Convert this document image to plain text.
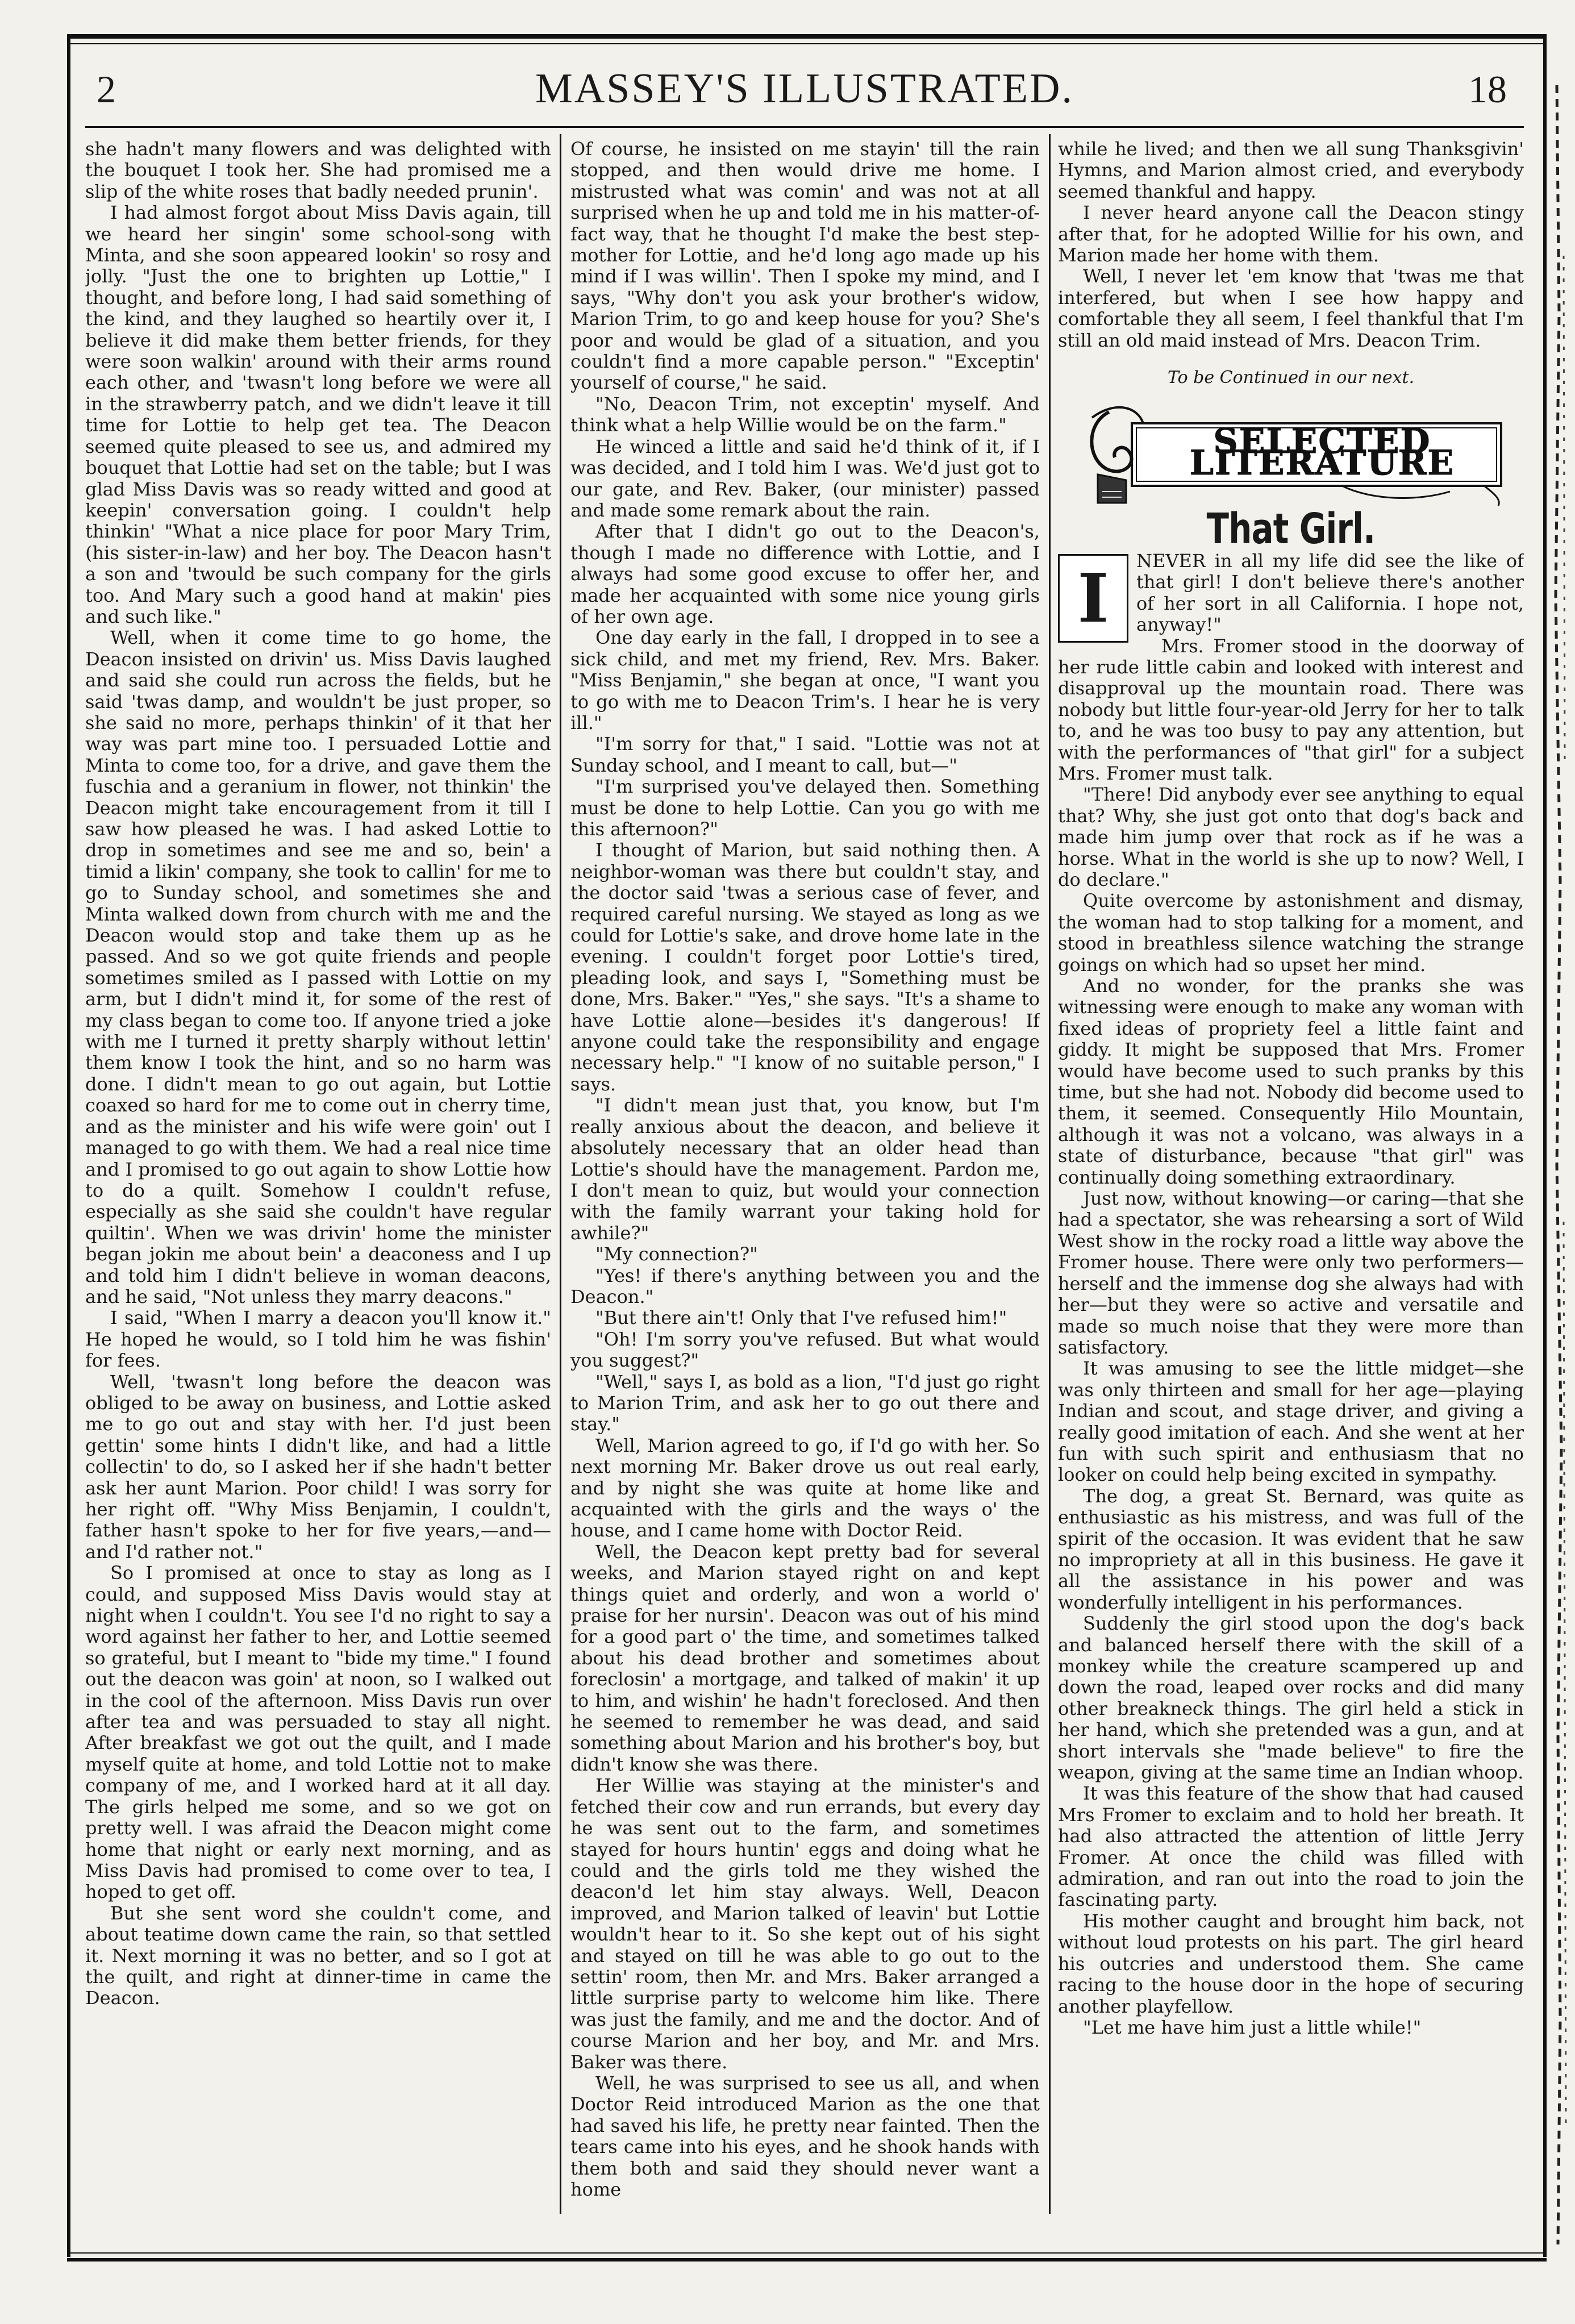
2	MASSEY'S ILLUSTRATED.	18

she hadn't many flowers and was delighted with the bouquet I took her. She had promised me a slip of the white roses that badly needed prunin'.

I had almost forgot about Miss Davis again, till we heard her singin' some school-song with Minta, and she soon appeared lookin' so rosy and jolly. "Just the one to brighten up Lottie," I thought, and before long, I had said something of the kind, and they laughed so heartily over it, I believe it did make them better friends, for they were soon walkin' around with their arms round each other, and 'twasn't long before we were all in the strawberry patch, and we didn't leave it till time for Lottie to help get tea. The Deacon seemed quite pleased to see us, and admired my bouquet that Lottie had set on the table; but I was glad Miss Davis was so ready witted and good at keepin' conversation going. I couldn't help thinkin' "What a nice place for poor Mary Trim, (his sister-in-law) and her boy. The Deacon hasn't a son and 'twould be such company for the girls too. And Mary such a good hand at makin' pies and such like."

Well, when it come time to go home, the Deacon insisted on drivin' us. Miss Davis laughed and said she could run across the fields, but he said 'twas damp, and wouldn't be just proper, so she said no more, perhaps thinkin' of it that her way was part mine too. I persuaded Lottie and Minta to come too, for a drive, and gave them the fuschia and a geranium in flower, not thinkin' the Deacon might take encouragement from it till I saw how pleased he was. I had asked Lottie to drop in sometimes and see me and so, bein' a timid a likin' company, she took to callin' for me to go to Sunday school, and sometimes she and Minta walked down from church with me and the Deacon would stop and take them up as he passed. And so we got quite friends and people sometimes smiled as I passed with Lottie on my arm, but I didn't mind it, for some of the rest of my class began to come too. If anyone tried a joke with me I turned it pretty sharply without lettin' them know I took the hint, and so no harm was done. I didn't mean to go out again, but Lottie coaxed so hard for me to come out in cherry time, and as the minister and his wife were goin' out I managed to go with them. We had a real nice time and I promised to go out again to show Lottie how to do a quilt. Somehow I couldn't refuse, especially as she said she couldn't have regular quiltin'. When we was drivin' home the minister began jokin me about bein' a deaconess and I up and told him I didn't believe in woman deacons, and he said, "Not unless they marry deacons."

I said, "When I marry a deacon you'll know it." He hoped he would, so I told him he was fishin' for fees.

Well, 'twasn't long before the deacon was obliged to be away on business, and Lottie asked me to go out and stay with her. I'd just been gettin' some hints I didn't like, and had a little collectin' to do, so I asked her if she hadn't better ask her aunt Marion. Poor child! I was sorry for her right off. "Why Miss Benjamin, I couldn't, father hasn't spoke to her for five years,—and—and I'd rather not."

So I promised at once to stay as long as I could, and supposed Miss Davis would stay at night when I couldn't. You see I'd no right to say a word against her father to her, and Lottie seemed so grateful, but I meant to "bide my time." I found out the deacon was goin' at noon, so I walked out in the cool of the afternoon. Miss Davis run over after tea and was persuaded to stay all night. After breakfast we got out the quilt, and I made myself quite at home, and told Lottie not to make company of me, and I worked hard at it all day. The girls helped me some, and so we got on pretty well. I was afraid the Deacon might come home that night or early next morning, and as Miss Davis had promised to come over to tea, I hoped to get off.

But she sent word she couldn't come, and about teatime down came the rain, so that settled it. Next morning it was no better, and so I got at the quilt, and right at dinner-time in came the Deacon.

Of course, he insisted on me stayin' till the rain stopped, and then would drive me home. I mistrusted what was comin' and was not at all surprised when he up and told me in his matter-of-fact way, that he thought I'd make the best step-mother for Lottie, and he'd long ago made up his mind if I was willin'. Then I spoke my mind, and I says, "Why don't you ask your brother's widow, Marion Trim, to go and keep house for you? She's poor and would be glad of a situation, and you couldn't find a more capable person." "Exceptin' yourself of course," he said.

"No, Deacon Trim, not exceptin' myself. And think what a help Willie would be on the farm."

He winced a little and said he'd think of it, if I was decided, and I told him I was. We'd just got to our gate, and Rev. Baker, (our minister) passed and made some remark about the rain.

After that I didn't go out to the Deacon's, though I made no difference with Lottie, and I always had some good excuse to offer her, and made her acquainted with some nice young girls of her own age.

One day early in the fall, I dropped in to see a sick child, and met my friend, Rev. Mrs. Baker. "Miss Benjamin," she began at once, "I want you to go with me to Deacon Trim's. I hear he is very ill."

"I'm sorry for that," I said. "Lottie was not at Sunday school, and I meant to call, but—"

"I'm surprised you've delayed then. Something must be done to help Lottie. Can you go with me this afternoon?"

I thought of Marion, but said nothing then. A neighbor-woman was there but couldn't stay, and the doctor said 'twas a serious case of fever, and required careful nursing. We stayed as long as we could for Lottie's sake, and drove home late in the evening. I couldn't forget poor Lottie's tired, pleading look, and says I, "Something must be done, Mrs. Baker." "Yes," she says. "It's a shame to have Lottie alone—besides it's dangerous! If anyone could take the responsibility and engage necessary help." "I know of no suitable person," I says.

"I didn't mean just that, you know, but I'm really anxious about the deacon, and believe it absolutely necessary that an older head than Lottie's should have the management. Pardon me, I don't mean to quiz, but would your connection with the family warrant your taking hold for awhile?"

"My connection?"

"Yes! if there's anything between you and the Deacon."

"But there ain't! Only that I've refused him!"

"Oh! I'm sorry you've refused. But what would you suggest?"

"Well," says I, as bold as a lion, "I'd just go right to Marion Trim, and ask her to go out there and stay."

Well, Marion agreed to go, if I'd go with her. So next morning Mr. Baker drove us out real early, and by night she was quite at home like and acquainted with the girls and the ways o' the house, and I came home with Doctor Reid.

Well, the Deacon kept pretty bad for several weeks, and Marion stayed right on and kept things quiet and orderly, and won a world o' praise for her nursin'. Deacon was out of his mind for a good part o' the time, and sometimes talked about his dead brother and sometimes about foreclosin' a mortgage, and talked of makin' it up to him, and wishin' he hadn't foreclosed. And then he seemed to remember he was dead, and said something about Marion and his brother's boy, but didn't know she was there.

Her Willie was staying at the minister's and fetched their cow and run errands, but every day he was sent out to the farm, and sometimes stayed for hours huntin' eggs and doing what he could and the girls told me they wished the deacon'd let him stay always. Well, Deacon improved, and Marion talked of leavin' but Lottie wouldn't hear to it. So she kept out of his sight and stayed on till he was able to go out to the settin' room, then Mr. and Mrs. Baker arranged a little surprise party to welcome him like. There was just the family, and me and the doctor. And of course Marion and her boy, and Mr. and Mrs. Baker was there.

Well, he was surprised to see us all, and when Doctor Reid introduced Marion as the one that had saved his life, he pretty near fainted. Then the tears came into his eyes, and he shook hands with them both and said they should never want a home

while he lived; and then we all sung Thanksgivin' Hymns, and Marion almost cried, and everybody seemed thankful and happy.

I never heard anyone call the Deacon stingy after that, for he adopted Willie for his own, and Marion made her home with them.

Well, I never let 'em know that 'twas me that interfered, but when I see how happy and comfortable they all seem, I feel thankful that I'm still an old maid instead of Mrs. Deacon Trim.

To be Continued in our next.
SELECTED LITERATURE
That Girl.

I	NEVER in all my life did see the like of that girl! I don't believe there's another of her sort in all California. I hope not, anyway!"

Mrs. Fromer stood in the doorway of her rude little cabin and looked with interest and disapproval up the mountain road. There was nobody but little four-year-old Jerry for her to talk to, and he was too busy to pay any attention, but with the performances of "that girl" for a subject Mrs. Fromer must talk.

"There! Did anybody ever see anything to equal that? Why, she just got onto that dog's back and made him jump over that rock as if he was a horse. What in the world is she up to now? Well, I do declare."

Quite overcome by astonishment and dismay, the woman had to stop talking for a moment, and stood in breathless silence watching the strange goings on which had so upset her mind.

And no wonder, for the pranks she was witnessing were enough to make any woman with fixed ideas of propriety feel a little faint and giddy. It might be supposed that Mrs. Fromer would have become used to such pranks by this time, but she had not. Nobody did become used to them, it seemed. Consequently Hilo Mountain, although it was not a volcano, was always in a state of disturbance, because "that girl" was continually doing something extraordinary.

Just now, without knowing—or caring—that she had a spectator, she was rehearsing a sort of Wild West show in the rocky road a little way above the Fromer house. There were only two performers—herself and the immense dog she always had with her—but they were so active and versatile and made so much noise that they were more than satisfactory.

It was amusing to see the little midget—she was only thirteen and small for her age—playing Indian and scout, and stage driver, and giving a really good imitation of each. And she went at her fun with such spirit and enthusiasm that no looker on could help being excited in sympathy.

The dog, a great St. Bernard, was quite as enthusiastic as his mistress, and was full of the spirit of the occasion. It was evident that he saw no impropriety at all in this business. He gave it all the assistance in his power and was wonderfully intelligent in his performances.

Suddenly the girl stood upon the dog's back and balanced herself there with the skill of a monkey while the creature scampered up and down the road, leaped over rocks and did many other breakneck things. The girl held a stick in her hand, which she pretended was a gun, and at short intervals she "made believe" to fire the weapon, giving at the same time an Indian whoop.

It was this feature of the show that had caused Mrs Fromer to exclaim and to hold her breath. It had also attracted the attention of little Jerry Fromer. At once the child was filled with admiration, and ran out into the road to join the fascinating party.

His mother caught and brought him back, not without loud protests on his part. The girl heard his outcries and understood them. She came racing to the house door in the hope of securing another playfellow.

"Let me have him just a little while!"
